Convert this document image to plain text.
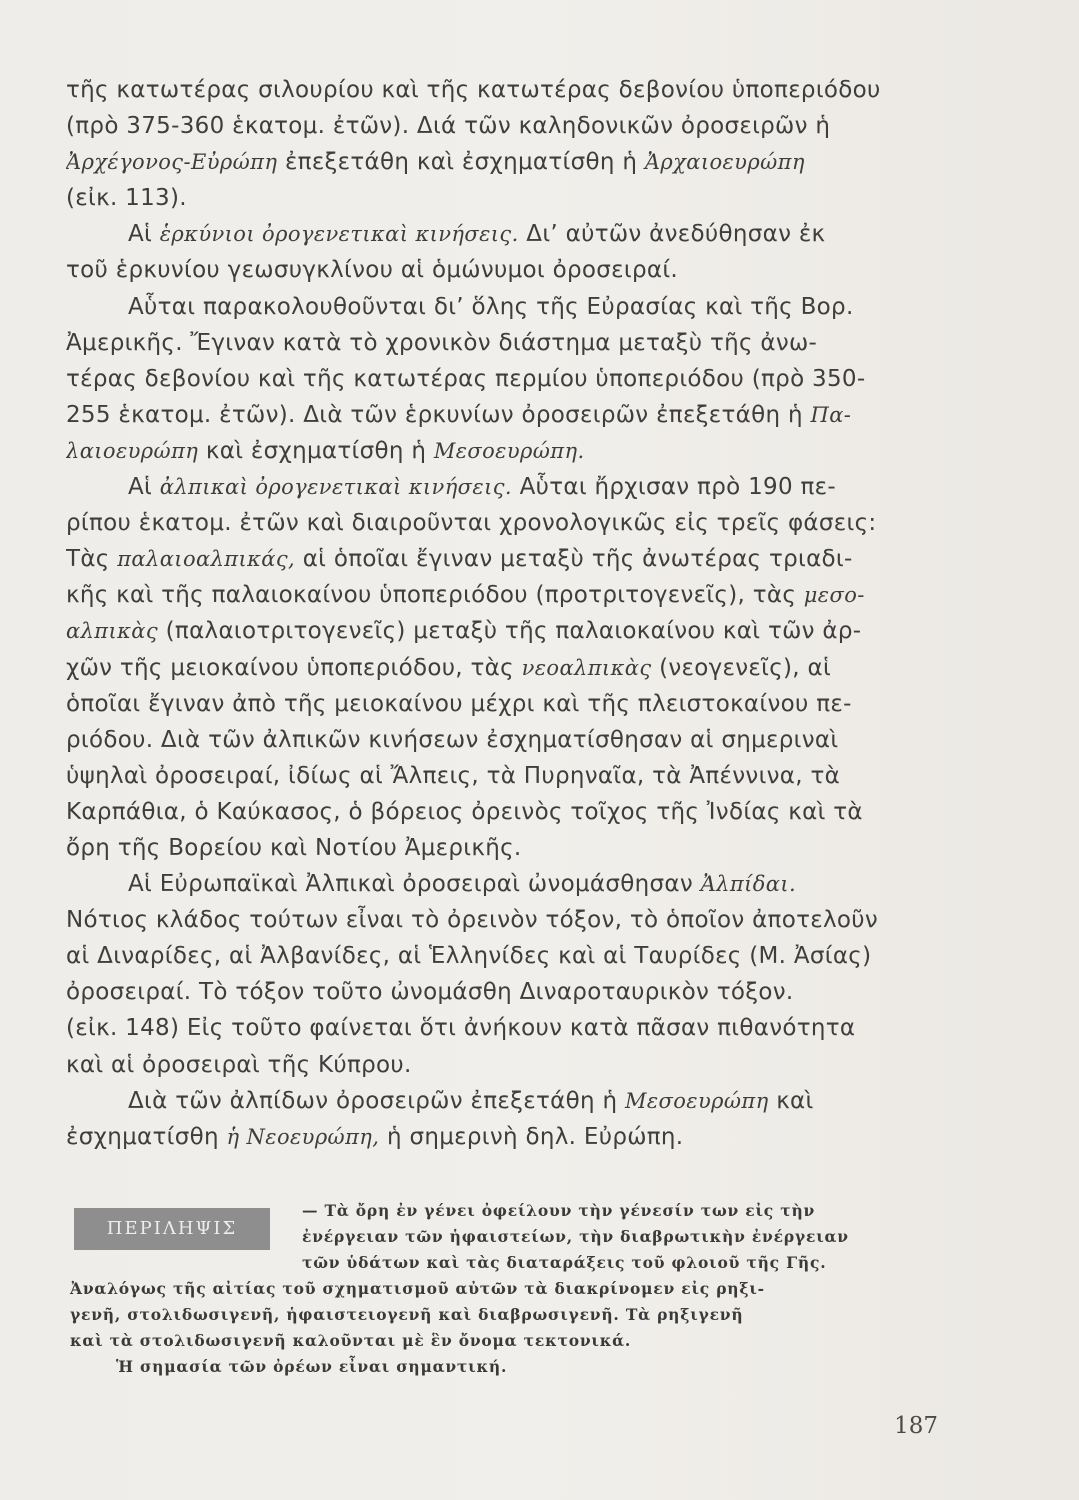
τῆς κατωτέρας σιλουρίου καὶ τῆς κατωτέρας δεβονίου ὑποπεριόδου
(πρὸ 375-360 ἑκατομ. ἐτῶν). Διά τῶν καληδονικῶν ὀροσειρῶν ἡ
Ἀρχέγονος-Εὐρώπη ἐπεξετάθη καὶ ἐσχηματίσθη ἡ Ἀρχαιοευρώπη
(εἰκ. 113).
Αἱ ἑρκύνιοι ὀρογενετικαὶ κινήσεις. Δι’ αὐτῶν ἀνεδύθησαν ἐκ
τοῦ ἑρκυνίου γεωσυγκλίνου αἱ ὁμώνυμοι ὀροσειραί.
Αὗται παρακολουθοῦνται δι’ ὅλης τῆς Εὐρασίας καὶ τῆς Βορ.
Ἀμερικῆς. Ἔγιναν κατὰ τὸ χρονικὸν διάστημα μεταξὺ τῆς ἀνω-
τέρας δεβονίου καὶ τῆς κατωτέρας περμίου ὑποπεριόδου (πρὸ 350-
255 ἑκατομ. ἐτῶν). Διὰ τῶν ἑρκυνίων ὀροσειρῶν ἐπεξετάθη ἡ Πα-
λαιοευρώπη καὶ ἐσχηματίσθη ἡ Μεσοευρώπη.
Αἱ ἀλπικαὶ ὀρογενετικαὶ κινήσεις. Αὗται ἤρχισαν πρὸ 190 πε-
ρίπου ἑκατομ. ἐτῶν καὶ διαιροῦνται χρονολογικῶς εἰς τρεῖς φάσεις:
Τὰς παλαιοαλπικάς, αἱ ὁποῖαι ἔγιναν μεταξὺ τῆς ἀνωτέρας τριαδι-
κῆς καὶ τῆς παλαιοκαίνου ὑποπεριόδου (προτριτογενεῖς), τὰς μεσο-
αλπικὰς (παλαιοτριτογενεῖς) μεταξὺ τῆς παλαιοκαίνου καὶ τῶν ἀρ-
χῶν τῆς μειοκαίνου ὑποπεριόδου, τὰς νεοαλπικὰς (νεογενεῖς), αἱ
ὁποῖαι ἔγιναν ἀπὸ τῆς μειοκαίνου μέχρι καὶ τῆς πλειστοκαίνου πε-
ριόδου. Διὰ τῶν ἀλπικῶν κινήσεων ἐσχηματίσθησαν αἱ σημεριναὶ
ὑψηλαὶ ὀροσειραί, ἰδίως αἱ Ἄλπεις, τὰ Πυρηναῖα, τὰ Ἀπέννινα, τὰ
Καρπάθια, ὁ Καύκασος, ὁ βόρειος ὀρεινὸς τοῖχος τῆς Ἰνδίας καὶ τὰ
ὄρη τῆς Βορείου καὶ Νοτίου Ἀμερικῆς.
Αἱ Εὐρωπαϊκαὶ Ἀλπικαὶ ὀροσειραὶ ὠνομάσθησαν Ἀλπίδαι.
Νότιος κλάδος τούτων εἶναι τὸ ὀρεινὸν τόξον, τὸ ὁποῖον ἀποτελοῦν
αἱ Διναρίδες, αἱ Ἀλβανίδες, αἱ Ἑλληνίδες καὶ αἱ Ταυρίδες (Μ. Ἀσίας)
ὀροσειραί. Τὸ τόξον τοῦτο ὠνομάσθη Διναροταυρικὸν τόξον.
(εἰκ. 148) Εἰς τοῦτο φαίνεται ὅτι ἀνήκουν κατὰ πᾶσαν πιθανότητα
καὶ αἱ ὀροσειραὶ τῆς Κύπρου.
Διὰ τῶν ἀλπίδων ὀροσειρῶν ἐπεξετάθη ἡ Μεσοευρώπη καὶ
ἐσχηματίσθη ἡ Νεοευρώπη, ἡ σημερινὴ δηλ. Εὐρώπη.
ΠΕΡΙΛΗΨΙΣ
— Τὰ ὄρη ἐν γένει ὀφείλουν τὴν γένεσίν των εἰς τὴν
ἐνέργειαν τῶν ἡφαιστείων, τὴν διαβρωτικὴν ἐνέργειαν
τῶν ὑδάτων καὶ τὰς διαταράξεις τοῦ φλοιοῦ τῆς Γῆς.
Ἀναλόγως τῆς αἰτίας τοῦ σχηματισμοῦ αὐτῶν τὰ διακρίνομεν εἰς ρηξι-
γενῆ, στολιδωσιγενῆ, ἡφαιστειογενῆ καὶ διαβρωσιγενῆ. Τὰ ρηξιγενῆ
καὶ τὰ στολιδωσιγενῆ καλοῦνται μὲ ἓν ὄνομα τεκτονικά.
Ἡ σημασία τῶν ὀρέων εἶναι σημαντική.
187
